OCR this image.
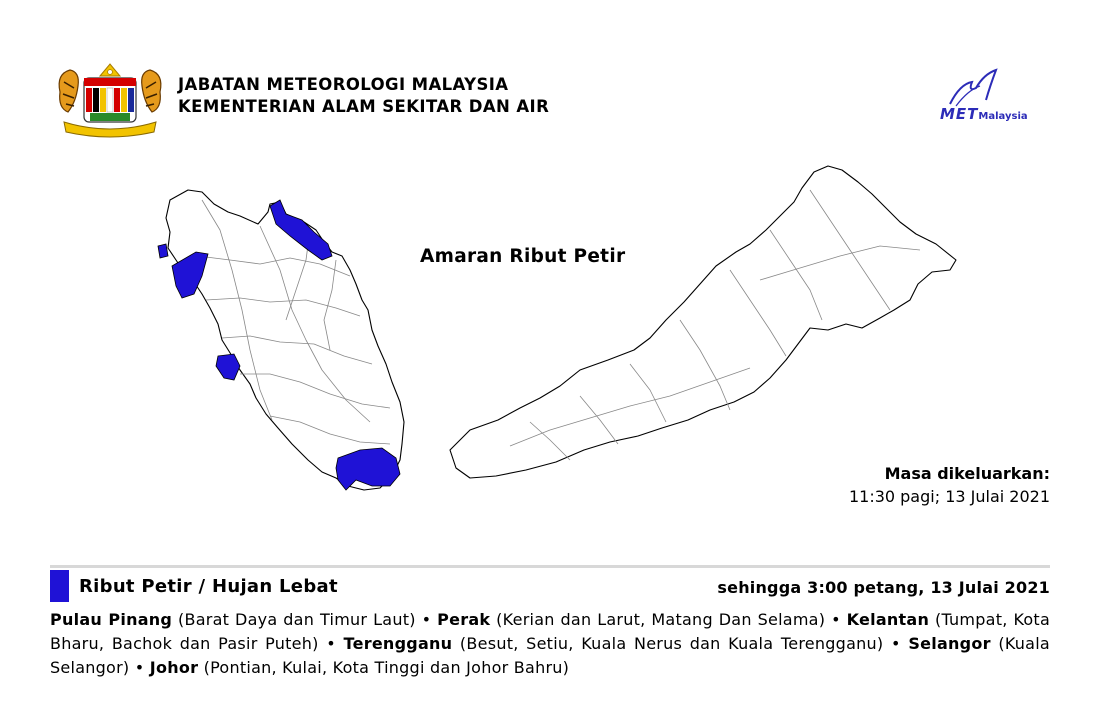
JABATAN METEOROLOGI MALAYSIA
KEMENTERIAN ALAM SEKITAR DAN AIR	METMalaysia
Amaran Ribut Petir
Masa dikeluarkan:
11:30 pagi; 13 Julai 2021
Ribut Petir / Hujan Lebat	sehingga 3:00 petang, 13 Julai 2021
Pulau Pinang (Barat Daya dan Timur Laut) • Perak (Kerian dan Larut, Matang Dan Selama) • Kelantan (Tumpat, Kota Bharu, Bachok dan Pasir Puteh) • Terengganu (Besut, Setiu, Kuala Nerus dan Kuala Terengganu) • Selangor (Kuala Selangor) • Johor (Pontian, Kulai, Kota Tinggi dan Johor Bahru)
